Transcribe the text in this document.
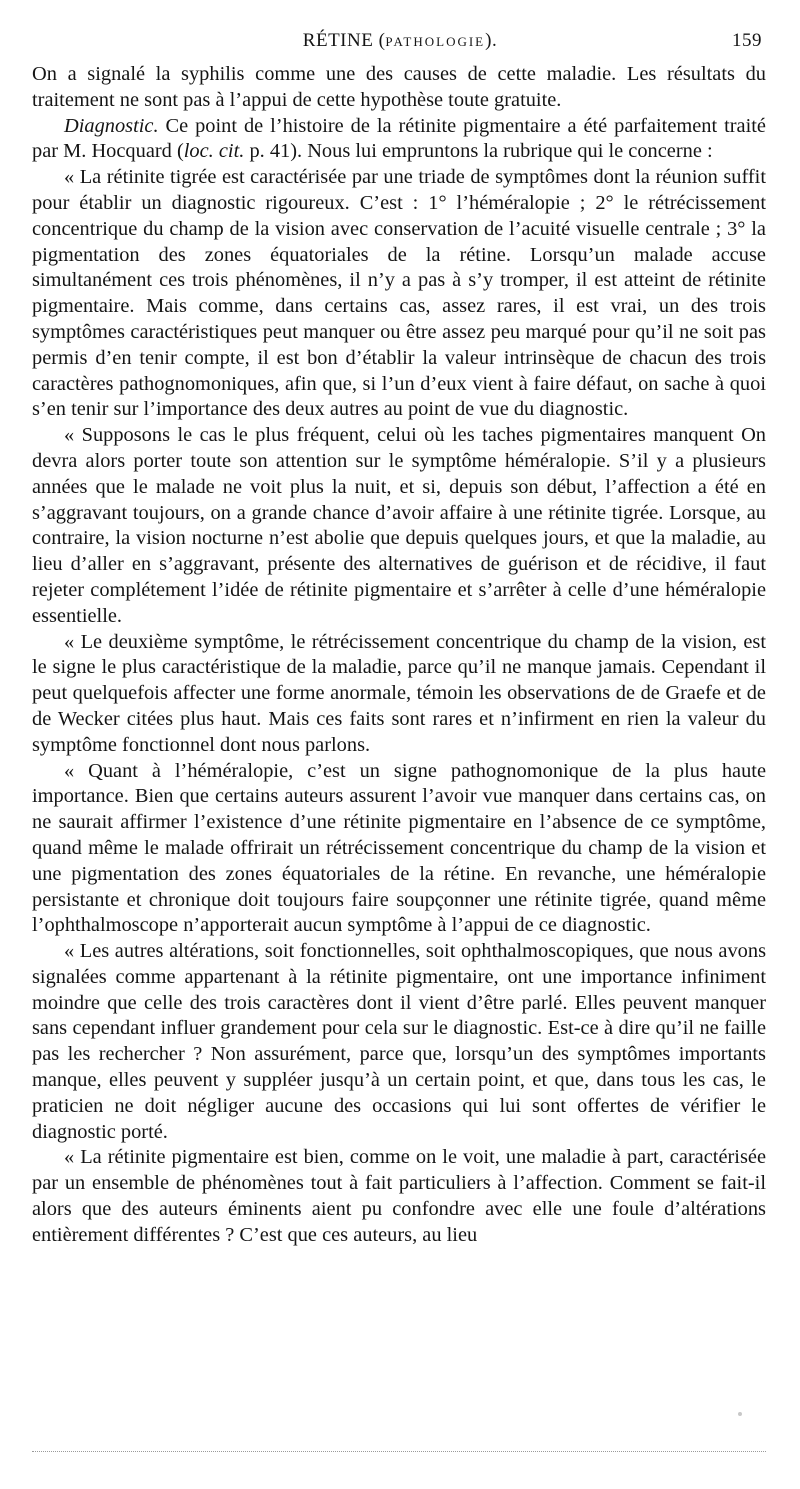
RÉTINE (PATHOLOGIE).	159

On a signalé la syphilis comme une des causes de cette maladie. Les résultats du traitement ne sont pas à l’appui de cette hypothèse toute gratuite.

Diagnostic. Ce point de l’histoire de la rétinite pigmentaire a été parfaitement traité par M. Hocquard (loc. cit. p. 41). Nous lui empruntons la rubrique qui le concerne :

« La rétinite tigrée est caractérisée par une triade de symptômes dont la réunion suffit pour établir un diagnostic rigoureux. C’est : 1° l’héméralopie ; 2° le rétrécissement concentrique du champ de la vision avec conservation de l’acuité visuelle centrale ; 3° la pigmentation des zones équatoriales de la rétine. Lorsqu’un malade accuse simultanément ces trois phénomènes, il n’y a pas à s’y tromper, il est atteint de rétinite pigmentaire. Mais comme, dans certains cas, assez rares, il est vrai, un des trois symptômes caractéristiques peut manquer ou être assez peu marqué pour qu’il ne soit pas permis d’en tenir compte, il est bon d’établir la valeur intrinsèque de chacun des trois caractères pathognomoniques, afin que, si l’un d’eux vient à faire défaut, on sache à quoi s’en tenir sur l’importance des deux autres au point de vue du diagnostic.

« Supposons le cas le plus fréquent, celui où les taches pigmentaires manquent On devra alors porter toute son attention sur le symptôme héméralopie. S’il y a plusieurs années que le malade ne voit plus la nuit, et si, depuis son début, l’affection a été en s’aggravant toujours, on a grande chance d’avoir affaire à une rétinite tigrée. Lorsque, au contraire, la vision nocturne n’est abolie que depuis quelques jours, et que la maladie, au lieu d’aller en s’aggravant, présente des alternatives de guérison et de récidive, il faut rejeter complétement l’idée de rétinite pigmentaire et s’arrêter à celle d’une héméralopie essentielle.

« Le deuxième symptôme, le rétrécissement concentrique du champ de la vision, est le signe le plus caractéristique de la maladie, parce qu’il ne manque jamais. Cependant il peut quelquefois affecter une forme anormale, témoin les observations de de Graefe et de de Wecker citées plus haut. Mais ces faits sont rares et n’infirment en rien la valeur du symptôme fonctionnel dont nous parlons.

« Quant à l’héméralopie, c’est un signe pathognomonique de la plus haute importance. Bien que certains auteurs assurent l’avoir vue manquer dans certains cas, on ne saurait affirmer l’existence d’une rétinite pigmentaire en l’absence de ce symptôme, quand même le malade offrirait un rétrécissement concentrique du champ de la vision et une pigmentation des zones équatoriales de la rétine. En revanche, une héméralopie persistante et chronique doit toujours faire soupçonner une rétinite tigrée, quand même l’ophthalmoscope n’apporterait aucun symptôme à l’appui de ce diagnostic.

« Les autres altérations, soit fonctionnelles, soit ophthalmoscopiques, que nous avons signalées comme appartenant à la rétinite pigmentaire, ont une importance infiniment moindre que celle des trois caractères dont il vient d’être parlé. Elles peuvent manquer sans cependant influer grandement pour cela sur le diagnostic. Est-ce à dire qu’il ne faille pas les rechercher ? Non assurément, parce que, lorsqu’un des symptômes importants manque, elles peuvent y suppléer jusqu’à un certain point, et que, dans tous les cas, le praticien ne doit négliger aucune des occasions qui lui sont offertes de vérifier le diagnostic porté.

« La rétinite pigmentaire est bien, comme on le voit, une maladie à part, caractérisée par un ensemble de phénomènes tout à fait particuliers à l’affection. Comment se fait-il alors que des auteurs éminents aient pu confondre avec elle une foule d’altérations entièrement différentes ? C’est que ces auteurs, au lieu
